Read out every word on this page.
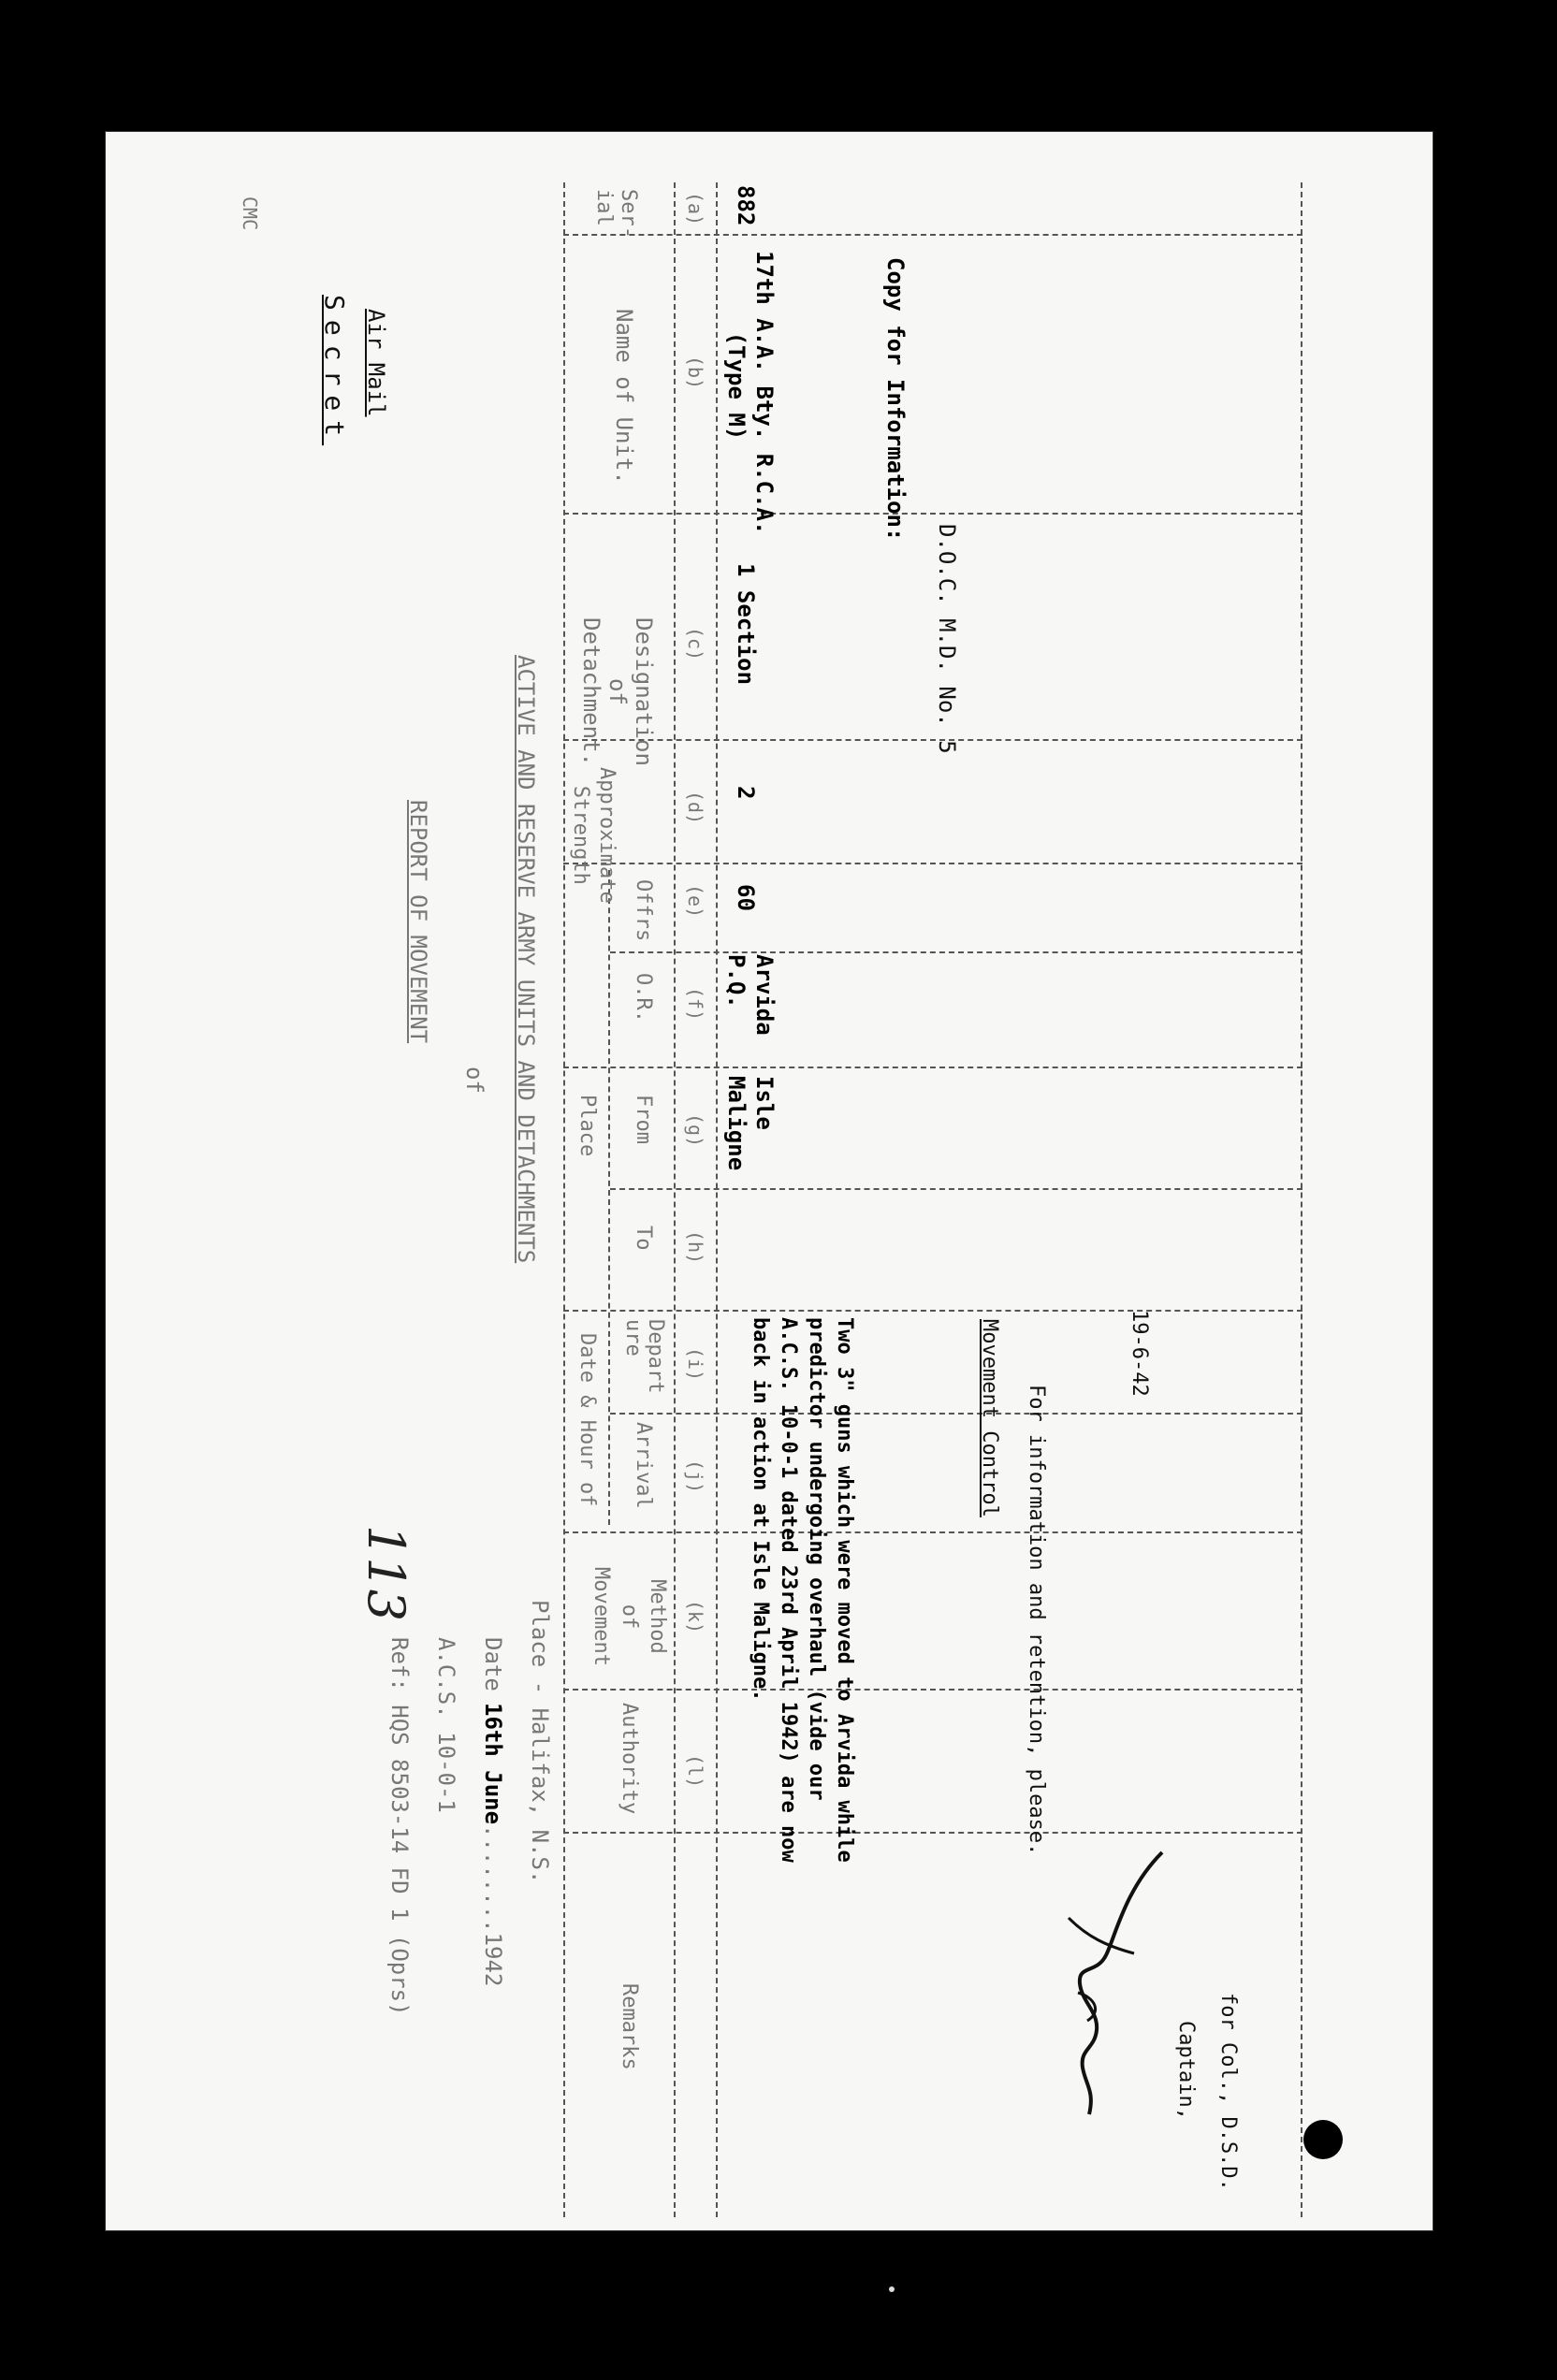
CMC
Secret Air Mail
Ref: HQS 8503-14 FD 1 (Oprs) A.C.S. 10-0-1 Date
16th June
........1942
Place - Halifax, N.S.
113
REPORT OF MOVEMENT
of ACTIVE AND RESERVE ARMY UNITS AND DETACHMENTS
Ser-
ial
Name of Unit.
Designation
of
Detachment.
Approximate
Strength
Offrs
O.R.
Place From
To
Date & Hour of	Depart
ure
Arrival
Method
of
Movement
Authority
Remarks
(a)
(b)
(c)
(d)
(e)
(f)
(g)
(h)
(i)
(j)
(k)
(l)
882
17th A.A. Bty. R.C.A.
(Type M)
1 Section
2
60
Arvida
P.Q.
Isle
Maligne
Two 3" guns which were moved to Arvida while
predictor undergoing overhaul (vide our
A.C.S. 10-0-1 dated 23rd April 1942) are now
back in action at Isle Maligne.
Copy for Information:
D.O.C. M.D. No. 5
Movement Control For information and retention, please.
19-6-42
Captain, for Col., D.S.D.
